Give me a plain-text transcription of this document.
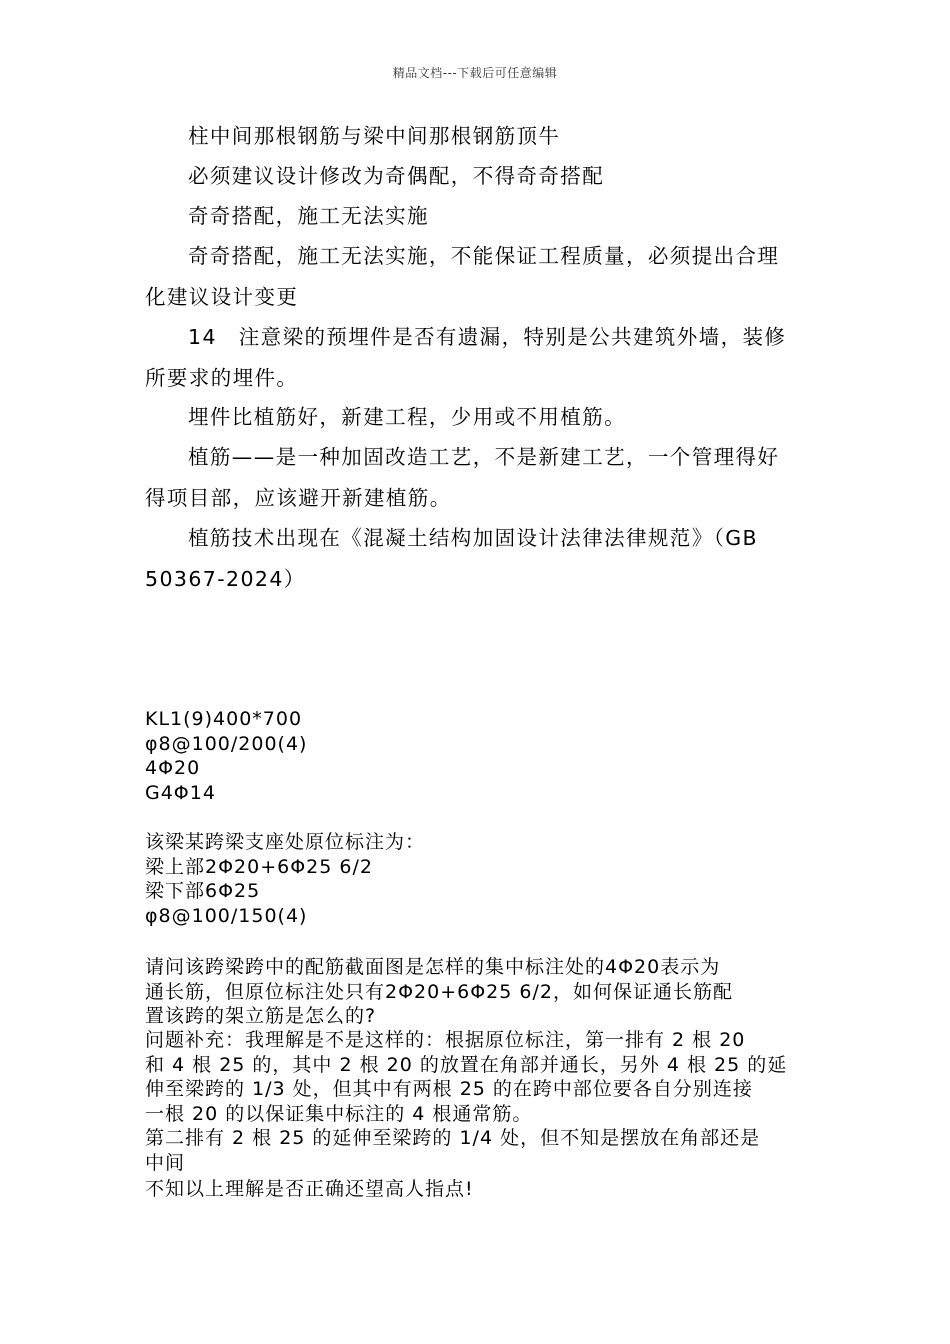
精品文档---下载后可任意编辑
柱中间那根钢筋与梁中间那根钢筋顶牛
必须建议设计修改为奇偶配，不得奇奇搭配
奇奇搭配，施工无法实施
奇奇搭配，施工无法实施，不能保证工程质量，必须提出合理
化建议设计变更
14　注意梁的预埋件是否有遗漏，特别是公共建筑外墙，装修
所要求的埋件。
埋件比植筋好，新建工程，少用或不用植筋。
植筋——是一种加固改造工艺，不是新建工艺，一个管理得好
得项目部，应该避开新建植筋。
植筋技术出现在《混凝土结构加固设计法律法律规范》（GB
50367-2024）
KL1(9)400*700
φ8@100/200(4)
4Φ20
G4Φ14
该梁某跨梁支座处原位标注为：
梁上部2Φ20+6Φ25 6/2
梁下部6Φ25
φ8@100/150(4)
请问该跨梁跨中的配筋截面图是怎样的集中标注处的4Φ20表示为
通长筋，但原位标注处只有2Φ20+6Φ25 6/2，如何保证通长筋配
置该跨的架立筋是怎么的?
问题补充：我理解是不是这样的：根据原位标注，第一排有 2 根 20
和 4 根 25 的，其中 2 根 20 的放置在角部并通长，另外 4 根 25 的延
伸至梁跨的 1/3 处，但其中有两根 25 的在跨中部位要各自分别连接
一根 20 的以保证集中标注的 4 根通常筋。
第二排有 2 根 25 的延伸至梁跨的 1/4 处，但不知是摆放在角部还是
中间
不知以上理解是否正确还望高人指点!
